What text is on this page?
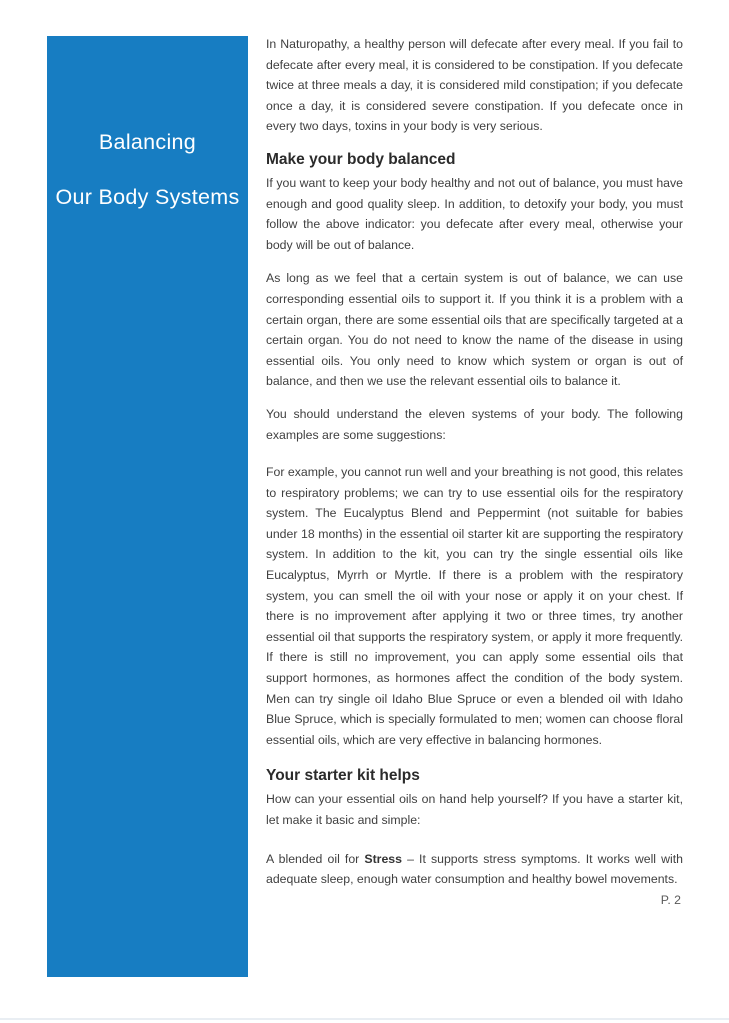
Balancing
Our Body Systems

In Naturopathy, a healthy person will defecate after every meal. If you fail to defecate after every meal, it is considered to be constipation. If you defecate twice at three meals a day, it is considered mild constipation; if you defecate once a day, it is considered severe constipation. If you defecate once in every two days, toxins in your body is very serious.

Make your body balanced

If you want to keep your body healthy and not out of balance, you must have enough and good quality sleep. In addition, to detoxify your body, you must follow the above indicator: you defecate after every meal, otherwise your body will be out of balance.

As long as we feel that a certain system is out of balance, we can use corresponding essential oils to support it. If you think it is a problem with a certain organ, there are some essential oils that are specifically targeted at a certain organ. You do not need to know the name of the disease in using essential oils. You only need to know which system or organ is out of balance, and then we use the relevant essential oils to balance it.

You should understand the eleven systems of your body. The following examples are some suggestions:

For example, you cannot run well and your breathing is not good, this relates to respiratory problems; we can try to use essential oils for the respiratory system. The Eucalyptus Blend and Peppermint (not suitable for babies under 18 months) in the essential oil starter kit are supporting the respiratory system. In addition to the kit, you can try the single essential oils like Eucalyptus, Myrrh or Myrtle. If there is a problem with the respiratory system, you can smell the oil with your nose or apply it on your chest. If there is no improvement after applying it two or three times, try another essential oil that supports the respiratory system, or apply it more frequently. If there is still no improvement, you can apply some essential oils that support hormones, as hormones affect the condition of the body system. Men can try single oil Idaho Blue Spruce or even a blended oil with Idaho Blue Spruce, which is specially formulated to men; women can choose floral essential oils, which are very effective in balancing hormones.

Your starter kit helps

How can your essential oils on hand help yourself? If you have a starter kit, let make it basic and simple:

A blended oil for Stress – It supports stress symptoms. It works well with adequate sleep, enough water consumption and healthy bowel movements.

P. 2
